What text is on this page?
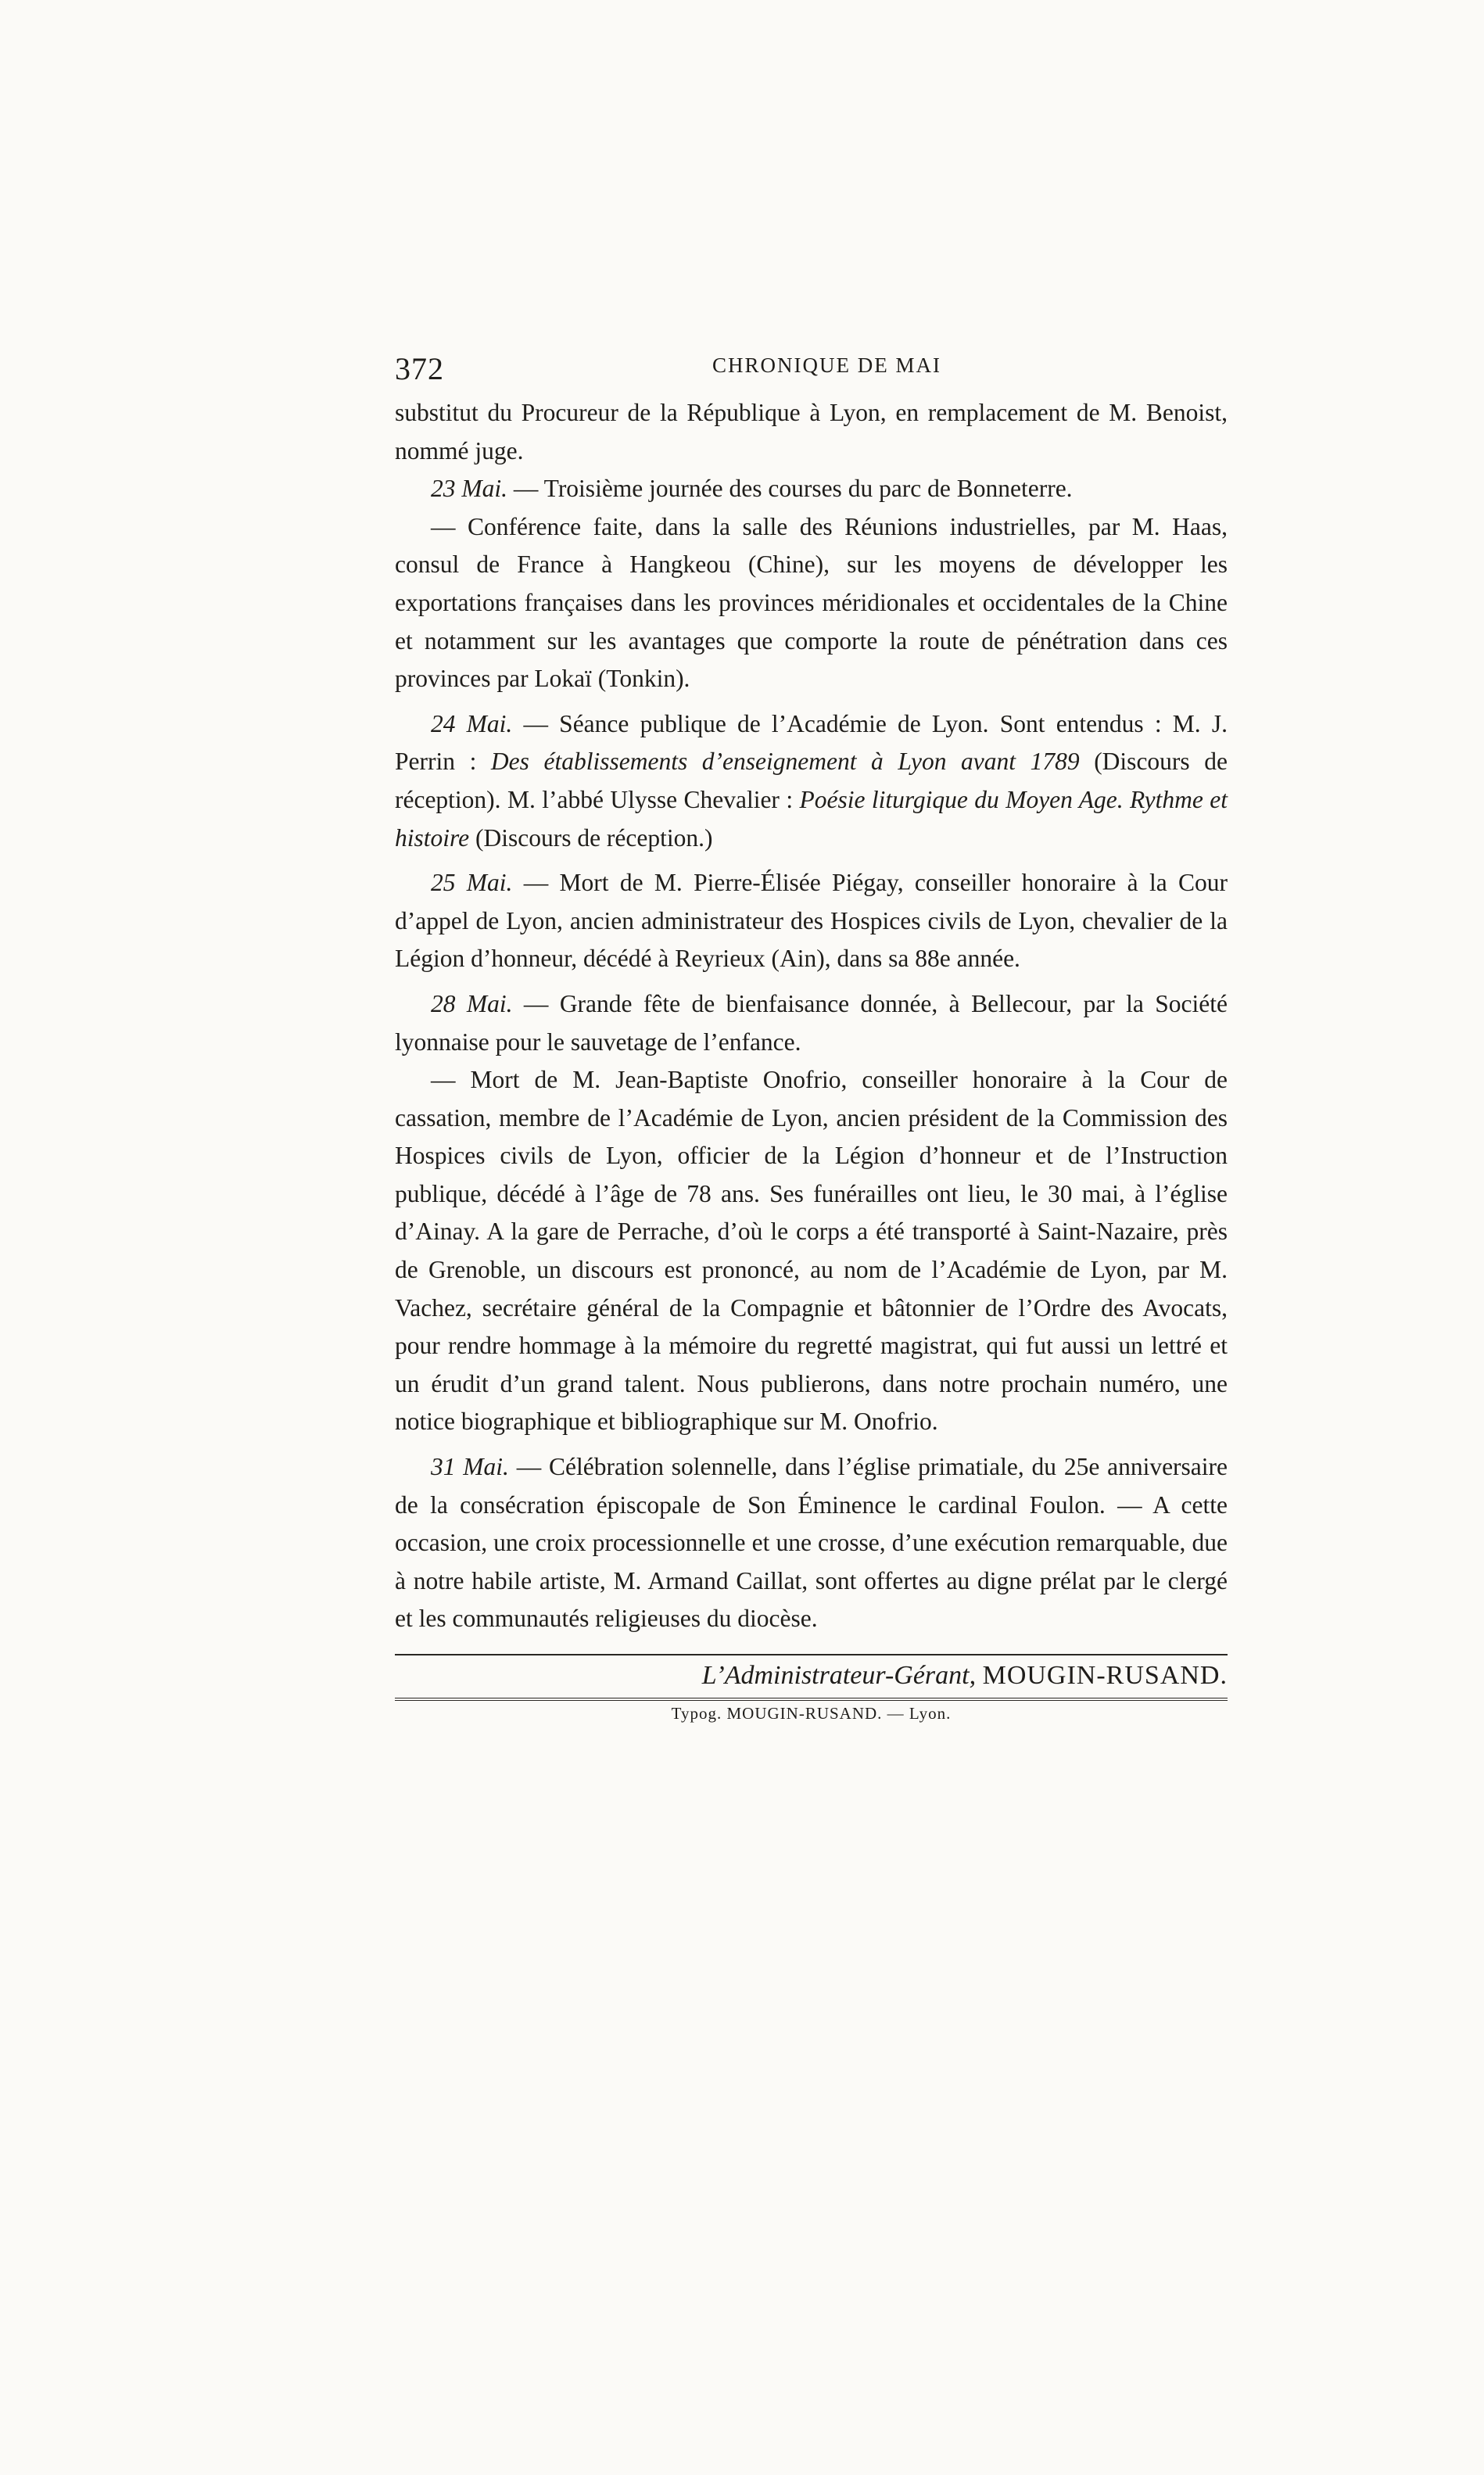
372	CHRONIQUE DE MAI

substitut du Procureur de la République à Lyon, en remplacement de M. Benoist, nommé juge.

23 Mai. — Troisième journée des courses du parc de Bonneterre.

— Conférence faite, dans la salle des Réunions industrielles, par M. Haas, consul de France à Hangkeou (Chine), sur les moyens de développer les exportations françaises dans les provinces méridionales et occidentales de la Chine et notamment sur les avantages que comporte la route de pénétration dans ces provinces par Lokaï (Tonkin).

24 Mai. — Séance publique de l’Académie de Lyon. Sont entendus : M. J. Perrin : Des établissements d’enseignement à Lyon avant 1789 (Discours de réception). M. l’abbé Ulysse Chevalier : Poésie liturgique du Moyen Age. Rythme et histoire (Discours de réception.)

25 Mai. — Mort de M. Pierre-Élisée Piégay, conseiller honoraire à la Cour d’appel de Lyon, ancien administrateur des Hospices civils de Lyon, chevalier de la Légion d’honneur, décédé à Reyrieux (Ain), dans sa 88e année.

28 Mai. — Grande fête de bienfaisance donnée, à Bellecour, par la Société lyonnaise pour le sauvetage de l’enfance.

— Mort de M. Jean-Baptiste Onofrio, conseiller honoraire à la Cour de cassation, membre de l’Académie de Lyon, ancien président de la Commission des Hospices civils de Lyon, officier de la Légion d’honneur et de l’Instruction publique, décédé à l’âge de 78 ans. Ses funérailles ont lieu, le 30 mai, à l’église d’Ainay. A la gare de Perrache, d’où le corps a été transporté à Saint-Nazaire, près de Grenoble, un discours est prononcé, au nom de l’Académie de Lyon, par M. Vachez, secrétaire général de la Compagnie et bâtonnier de l’Ordre des Avocats, pour rendre hommage à la mémoire du regretté magistrat, qui fut aussi un lettré et un érudit d’un grand talent. Nous publierons, dans notre prochain numéro, une notice biographique et bibliographique sur M. Onofrio.

31 Mai. — Célébration solennelle, dans l’église primatiale, du 25e anniversaire de la consécration épiscopale de Son Éminence le cardinal Foulon. — A cette occasion, une croix processionnelle et une crosse, d’une exécution remarquable, due à notre habile artiste, M. Armand Caillat, sont offertes au digne prélat par le clergé et les communautés religieuses du diocèse.

L’Administrateur-Gérant, MOUGIN-RUSAND.
Typog. MOUGIN-RUSAND. — Lyon.
